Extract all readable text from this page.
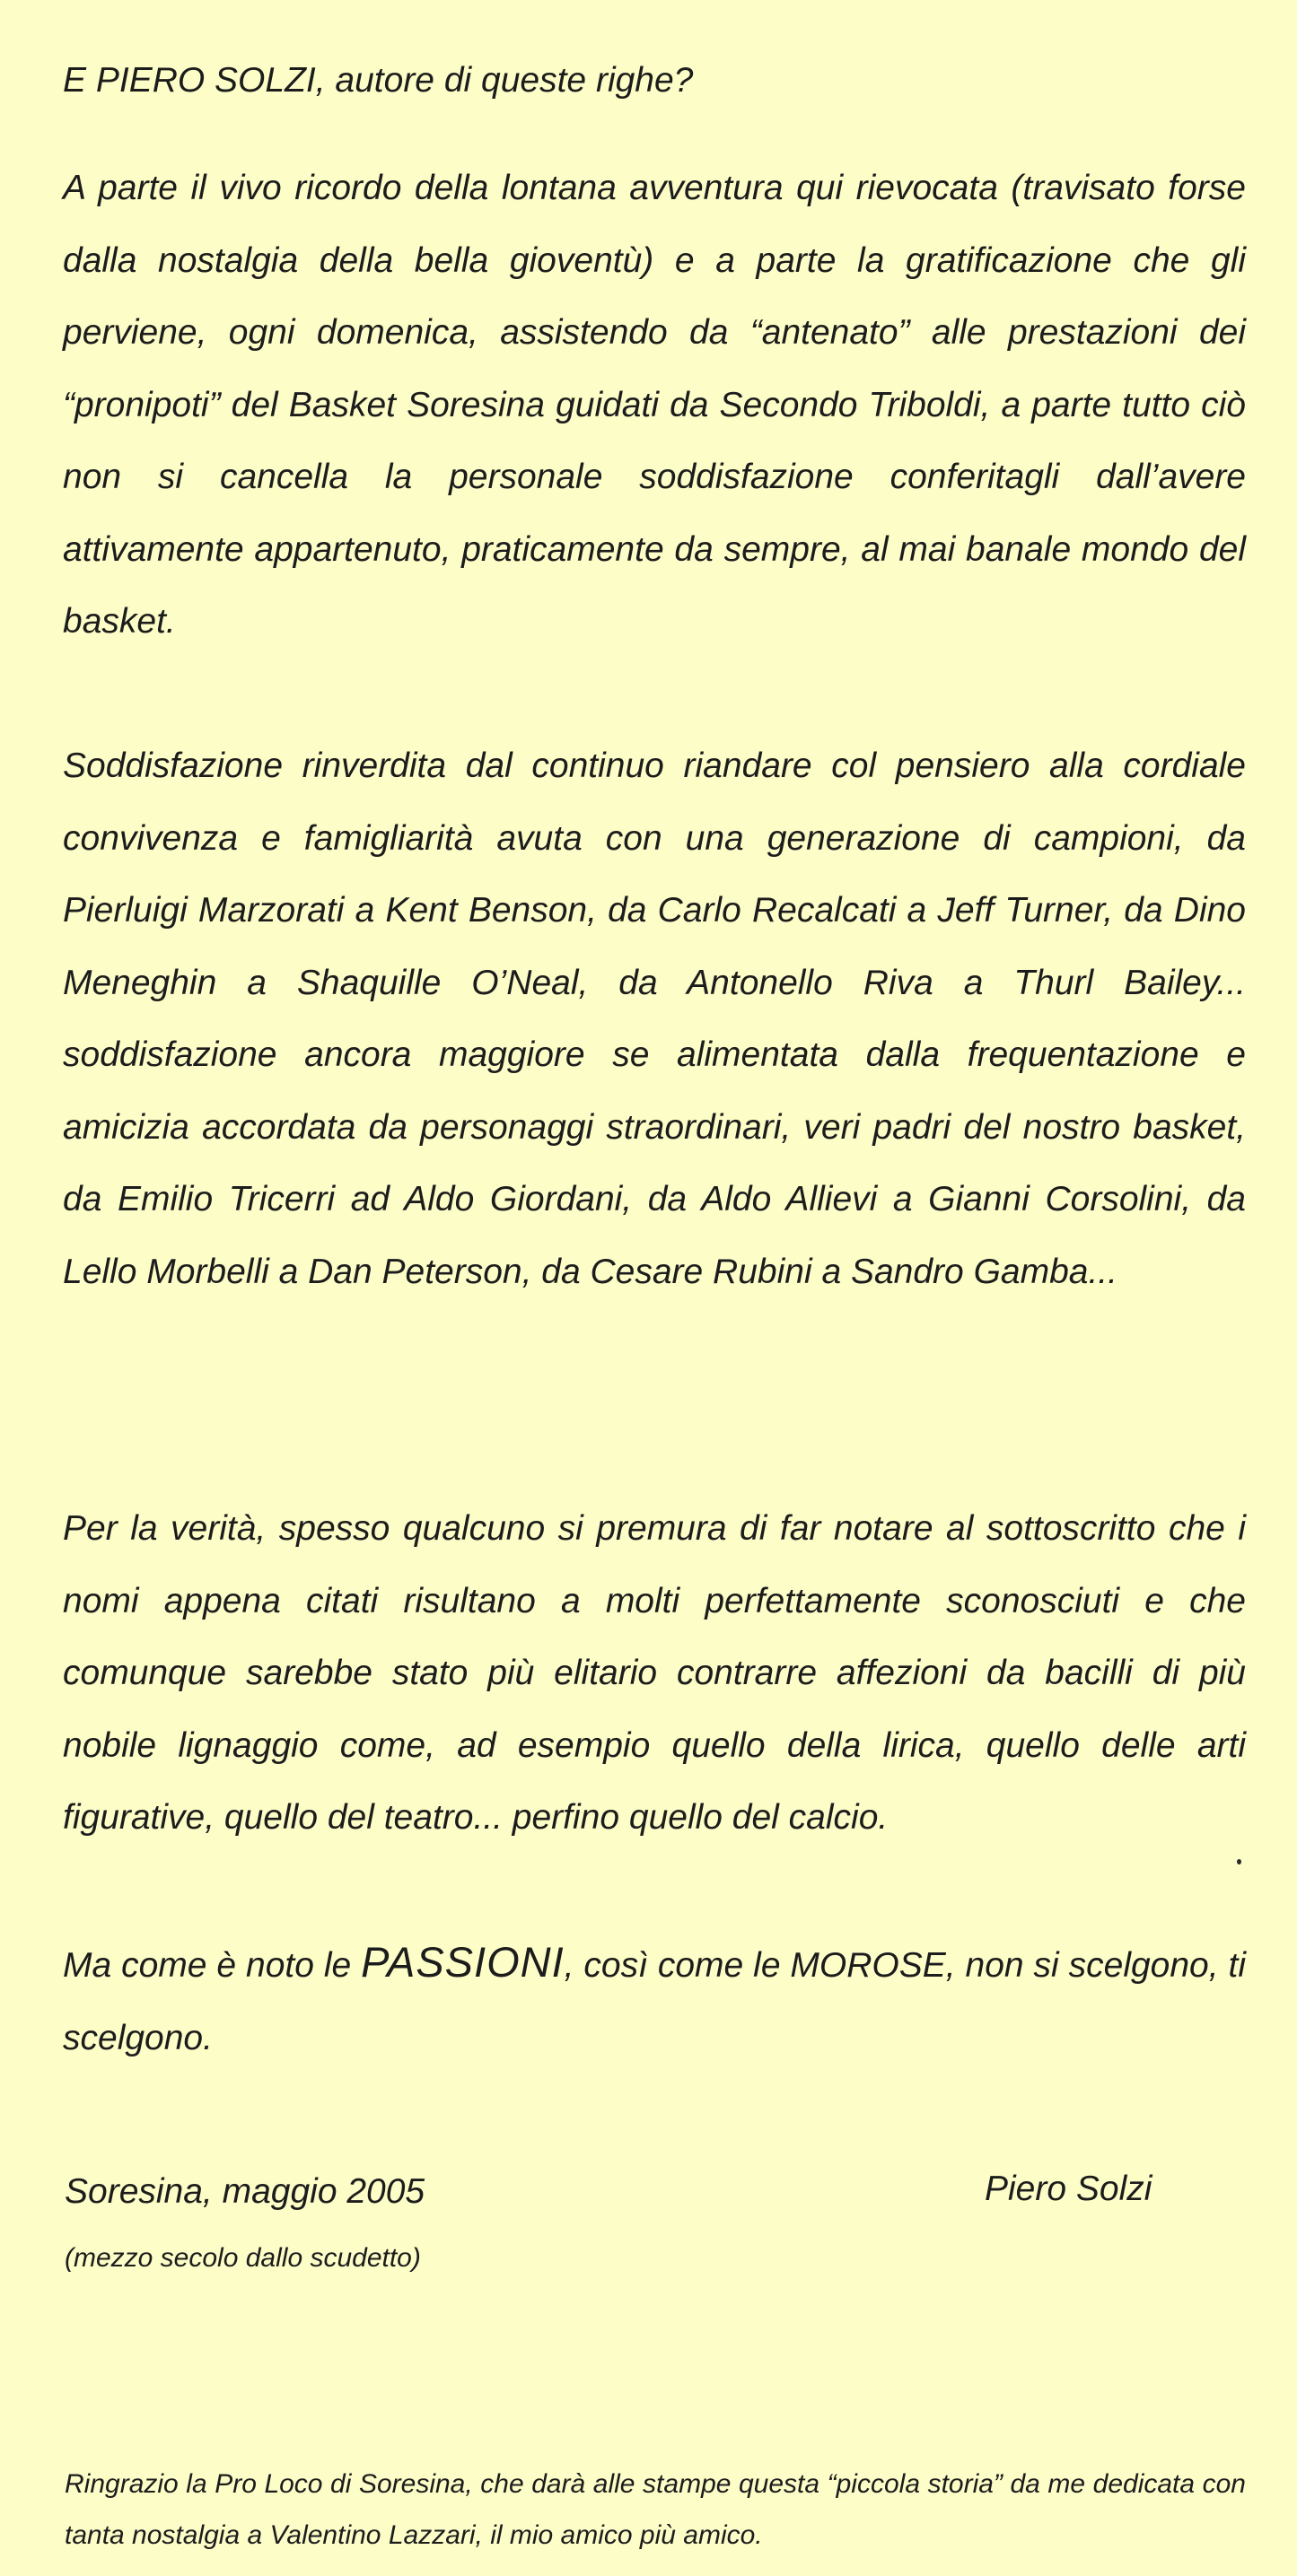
E PIERO SOLZI, autore di queste righe?

A parte il vivo ricordo della lontana avventura qui rievocata (travisato forse dalla nostalgia della bella gioventù) e a parte la gratificazione che gli perviene, ogni domenica, assistendo da “antenato” alle prestazioni dei “pronipoti” del Basket Soresina guidati da Secondo Triboldi, a parte tutto ciò non si cancella la personale soddisfazione conferitagli dall’avere attivamente appartenuto, praticamente da sempre, al mai banale mondo del basket.

Soddisfazione rinverdita dal continuo riandare col pensiero alla cordiale convivenza e famigliarità avuta con una generazione di campioni, da Pierluigi Marzorati a Kent Benson, da Carlo Recalcati a Jeff Turner, da Dino Meneghin a Shaquille O’Neal, da Antonello Riva a Thurl Bailey... soddisfazione ancora maggiore se alimentata dalla frequentazione e amicizia accordata da personaggi straordinari, veri padri del nostro basket, da Emilio Tricerri ad Aldo Giordani, da Aldo Allievi a Gianni Corsolini, da Lello Morbelli a Dan Peterson, da Cesare Rubini a Sandro Gamba...

Per la verità, spesso qualcuno si premura di far notare al sottoscritto che i nomi appena citati risultano a molti perfettamente sconosciuti e che comunque sarebbe stato più elitario contrarre affezioni da bacilli di più nobile lignaggio come, ad esempio quello della lirica, quello delle arti figurative, quello del teatro... perfino quello del calcio.

Ma come è noto le PASSIONI, così come le MOROSE, non si scelgono, ti scelgono.

Soresina, maggio 2005	Piero Solzi
(mezzo secolo dallo scudetto)

Ringrazio la Pro Loco di Soresina, che darà alle stampe questa “piccola storia” da me dedicata con tanta nostalgia a Valentino Lazzari, il mio amico più amico.
